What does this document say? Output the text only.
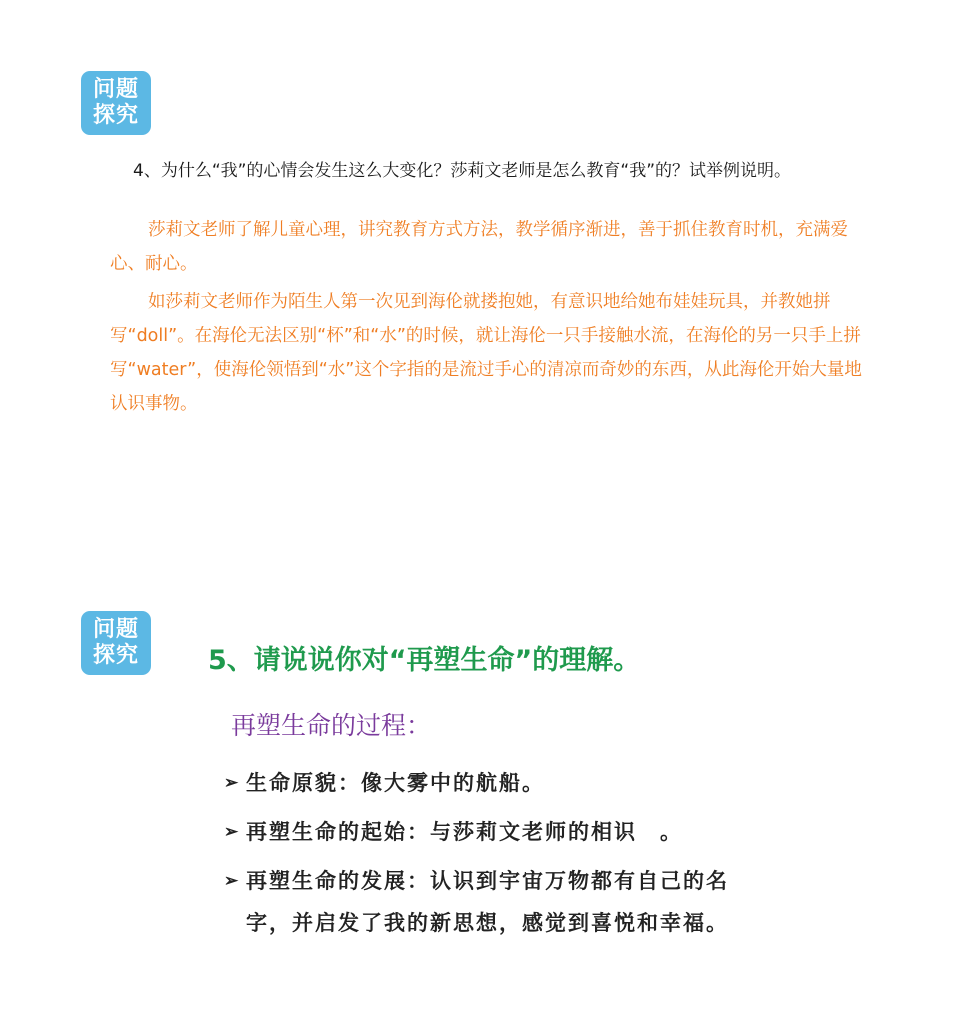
问题
探究
4、为什么“我”的心情会发生这么大变化？莎莉文老师是怎么教育“我”的？试举例说明。

莎莉文老师了解儿童心理，讲究教育方式方法，教学循序渐进，善于抓住教育时机，充满爱心、耐心。

如莎莉文老师作为陌生人第一次见到海伦就搂抱她，有意识地给她布娃娃玩具，并教她拼写“doll”。在海伦无法区别“杯”和“水”的时候，就让海伦一只手接触水流，在海伦的另一只手上拼写“water”，使海伦领悟到“水”这个字指的是流过手心的清凉而奇妙的东西，从此海伦开始大量地认识事物。

问题
探究	5、请说说你对“再塑生命”的理解。
再塑生命的过程：
➢ 生命原貌：像大雾中的航船。
➢ 再塑生命的起始：与莎莉文老师的相识　。
➢ 再塑生命的发展：认识到宇宙万物都有自己的名字，并启发了我的新思想，感觉到喜悦和幸福。
